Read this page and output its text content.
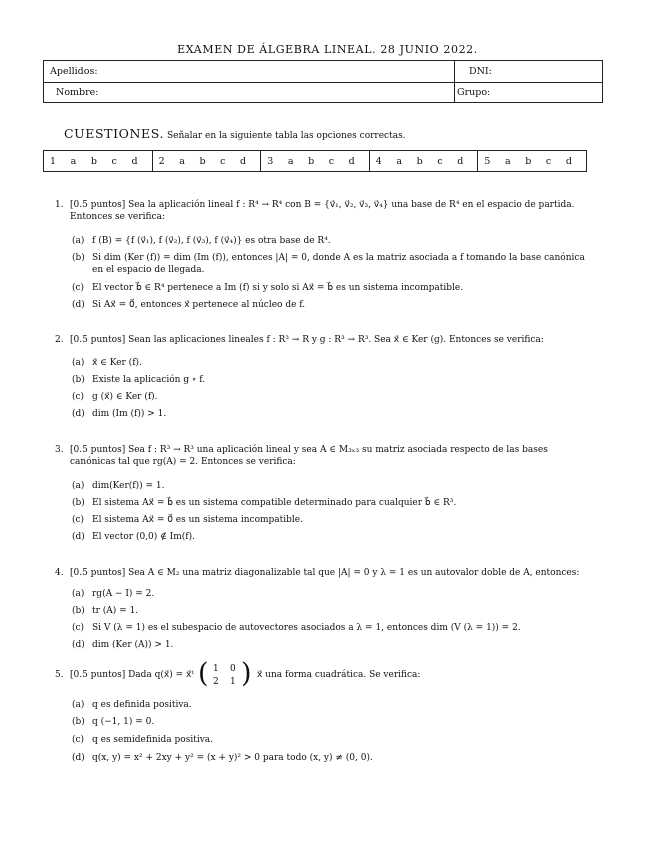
EXAMEN DE ÁLGEBRA LINEAL. 28 JUNIO 2022.
Apellidos:	DNI:
Nombre:	Grupo:
CUESTIONES. Señalar en la siguiente tabla las opciones correctas.
1 a b c d 2 a b c d 3 a b c d 4 a b c d 5 a b c d
1. [0.5 puntos] Sea la aplicación lineal f : R⁴ → R⁴ con B = {v⃗₁, v⃗₂, v⃗₃, v⃗₄} una base de R⁴ en el espacio de partida. Entonces se verifica:
(a) f (B) = {f (v⃗₁), f (v⃗₂), f (v⃗₃), f (v⃗₄)} es otra base de R⁴.
(b) Si dim (Ker (f)) = dim (Im (f)), entonces |A| = 0, donde A es la matriz asociada a f tomando la base canónica en el espacio de llegada.
(c) El vector b⃗ ∈ R⁴ pertenece a Im (f) si y solo si Ax⃗ = b⃗ es un sistema incompatible.
(d) Si Ax⃗ = 0⃗, entonces x⃗ pertenece al núcleo de f.
2. [0.5 puntos] Sean las aplicaciones lineales f : R³ → R y g : R³ → R³. Sea x⃗ ∈ Ker (g). Entonces se verifica:
(a) x⃗ ∈ Ker (f).
(b) Existe la aplicación g ∘ f.
(c) g (x⃗) ∈ Ker (f).
(d) dim (Im (f)) > 1.
3. [0.5 puntos] Sea f : R³ → R³ una aplicación lineal y sea A ∈ M₃ₓ₃ su matriz asociada respecto de las bases canónicas tal que rg(A) = 2. Entonces se verifica:
(a) dim(Ker(f)) = 1.
(b) El sistema Ax⃗ = b⃗ es un sistema compatible determinado para cualquier b⃗ ∈ R³.
(c) El sistema Ax⃗ = 0⃗ es un sistema incompatible.
(d) El vector (0,0) ∉ Im(f).
4. [0.5 puntos] Sea A ∈ M₂ una matriz diagonalizable tal que |A| = 0 y λ = 1 es un autovalor doble de A, entonces:
(a) rg(A − I) = 2.
(b) tr (A) = 1.
(c) Si V (λ = 1) es el subespacio de autovectores asociados a λ = 1, entonces dim (V (λ = 1)) = 2.
(d) dim (Ker (A)) > 1.
5. [0.5 puntos] Dada q(x⃗) = x⃗ᵗ	x⃗ una forma cuadrática. Se verifica:
( 1 0
2 1 )
(a) q es definida positiva.
(b) q (−1, 1) = 0.
(c) q es semidefinida positiva.
(d) q(x, y) = x² + 2xy + y² = (x + y)² > 0 para todo (x, y) ≠ (0, 0).
